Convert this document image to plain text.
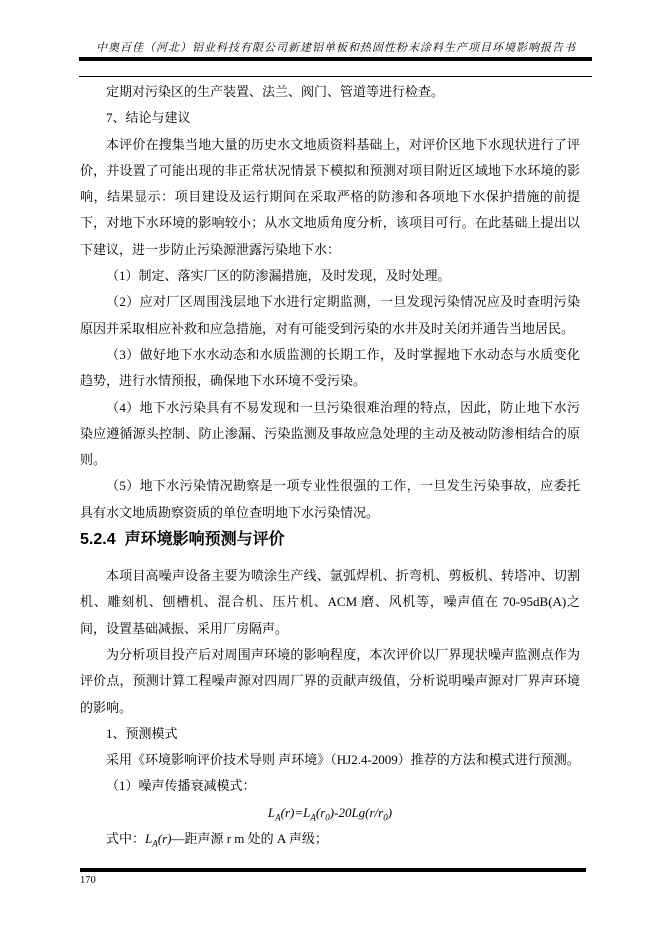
中奥百佳（河北）铝业科技有限公司新建铝单板和热固性粉末涂料生产项目环境影响报告书

定期对污染区的生产装置、法兰、阀门、管道等进行检查。

7、结论与建议

本评价在搜集当地大量的历史水文地质资料基础上，对评价区地下水现状进行了评价，并设置了可能出现的非正常状况情景下模拟和预测对项目附近区域地下水环境的影响，结果显示：项目建设及运行期间在采取严格的防渗和各项地下水保护措施的前提下，对地下水环境的影响较小；从水文地质角度分析，该项目可行。在此基础上提出以下建议，进一步防止污染源泄露污染地下水：

（1）制定、落实厂区的防渗漏措施，及时发现，及时处理。

（2）应对厂区周围浅层地下水进行定期监测，一旦发现污染情况应及时查明污染原因并采取相应补救和应急措施，对有可能受到污染的水井及时关闭并通告当地居民。

（3）做好地下水水动态和水质监测的长期工作，及时掌握地下水动态与水质变化趋势，进行水情预报，确保地下水环境不受污染。

（4）地下水污染具有不易发现和一旦污染很难治理的特点，因此，防止地下水污染应遵循源头控制、防止渗漏、污染监测及事故应急处理的主动及被动防渗相结合的原则。

（5）地下水污染情况勘察是一项专业性很强的工作，一旦发生污染事故，应委托具有水文地质勘察资质的单位查明地下水污染情况。

5.2.4 声环境影响预测与评价

本项目高噪声设备主要为喷涂生产线、氩弧焊机、折弯机、剪板机、转塔冲、切割机、雕刻机、刨槽机、混合机、压片机、ACM 磨、风机等，噪声值在 70-95dB(A)之间，设置基础减振、采用厂房隔声。

为分析项目投产后对周围声环境的影响程度，本次评价以厂界现状噪声监测点作为评价点，预测计算工程噪声源对四周厂界的贡献声级值，分析说明噪声源对厂界声环境的影响。

1、预测模式

采用《环境影响评价技术导则 声环境》（HJ2.4-2009）推荐的方法和模式进行预测。

（1）噪声传播衰减模式：

$L_A(r)=L_A(r_0)-20Lg(r/r_0)$

式中：$L_A(r)—$距声源 r m 处的 A 声级；

170
